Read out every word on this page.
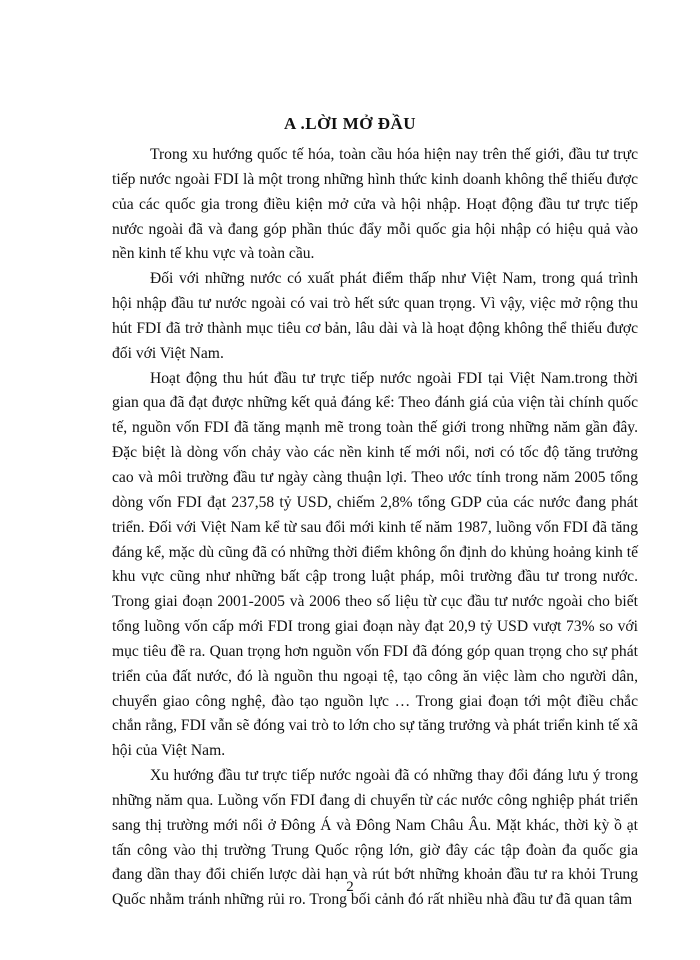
A .LỜI MỞ ĐẦU

Trong xu hướng quốc tế hóa, toàn cầu hóa hiện nay trên thế giới, đầu tư trực tiếp nước ngoài FDI là một trong những hình thức kinh doanh không thể thiếu được của các quốc gia trong điều kiện mở cửa và hội nhập. Hoạt động đầu tư trực tiếp nước ngoài đã và đang góp phần thúc đẩy mỗi quốc gia hội nhập có hiệu quả vào nền kinh tế khu vực và toàn cầu.

Đối với những nước có xuất phát điểm thấp như Việt Nam, trong quá trình hội nhập đầu tư nước ngoài có vai trò hết sức quan trọng. Vì vậy, việc mở rộng thu hút FDI đã trở thành mục tiêu cơ bản, lâu dài và là hoạt động không thể thiếu được đối với Việt Nam.

Hoạt động thu hút đầu tư trực tiếp nước ngoài FDI tại Việt Nam.trong thời gian qua đã đạt được những kết quả đáng kể: Theo đánh giá của viện tài chính quốc tế, nguồn vốn FDI đã tăng mạnh mẽ trong toàn thế giới trong những năm gần đây. Đặc biệt là dòng vốn chảy vào các nền kinh tế mới nổi, nơi có tốc độ tăng trưởng cao và môi trường đầu tư ngày càng thuận lợi. Theo ước tính trong năm 2005 tổng dòng vốn FDI đạt 237,58 tỷ USD, chiếm 2,8% tổng GDP của các nước đang phát triển. Đối với Việt Nam kể từ sau đổi mới kinh tế năm 1987, luồng vốn FDI đã tăng đáng kể, mặc dù cũng đã có những thời điểm không ổn định do khủng hoảng kinh tế khu vực cũng như những bất cập trong luật pháp, môi trường đầu tư trong nước. Trong giai đoạn 2001-2005 và 2006 theo số liệu từ cục đầu tư nước ngoài cho biết tổng luồng vốn cấp mới FDI trong giai đoạn này đạt 20,9 tỷ USD vượt 73% so với mục tiêu đề ra. Quan trọng hơn nguồn vốn FDI đã đóng góp quan trọng cho sự phát triển của đất nước, đó là nguồn thu ngoại tệ, tạo công ăn việc làm cho người dân, chuyển giao công nghệ, đào tạo nguồn lực … Trong giai đoạn tới một điều chắc chắn rằng, FDI vẫn sẽ đóng vai trò to lớn cho sự tăng trưởng và phát triển kinh tế xã hội của Việt Nam.

Xu hướng đầu tư trực tiếp nước ngoài đã có những thay đổi đáng lưu ý trong những năm qua. Luồng vốn FDI đang di chuyển từ các nước công nghiệp phát triển sang thị trường mới nổi ở Đông Á và Đông Nam Châu Âu. Mặt khác, thời kỳ ồ ạt tấn công vào thị trường Trung Quốc rộng lớn, giờ đây các tập đoàn đa quốc gia đang dần thay đổi chiến lược dài hạn và rút bớt những khoản đầu tư ra khỏi Trung Quốc nhằm tránh những rủi ro. Trong bối cảnh đó rất nhiều nhà đầu tư đã quan tâm

2
